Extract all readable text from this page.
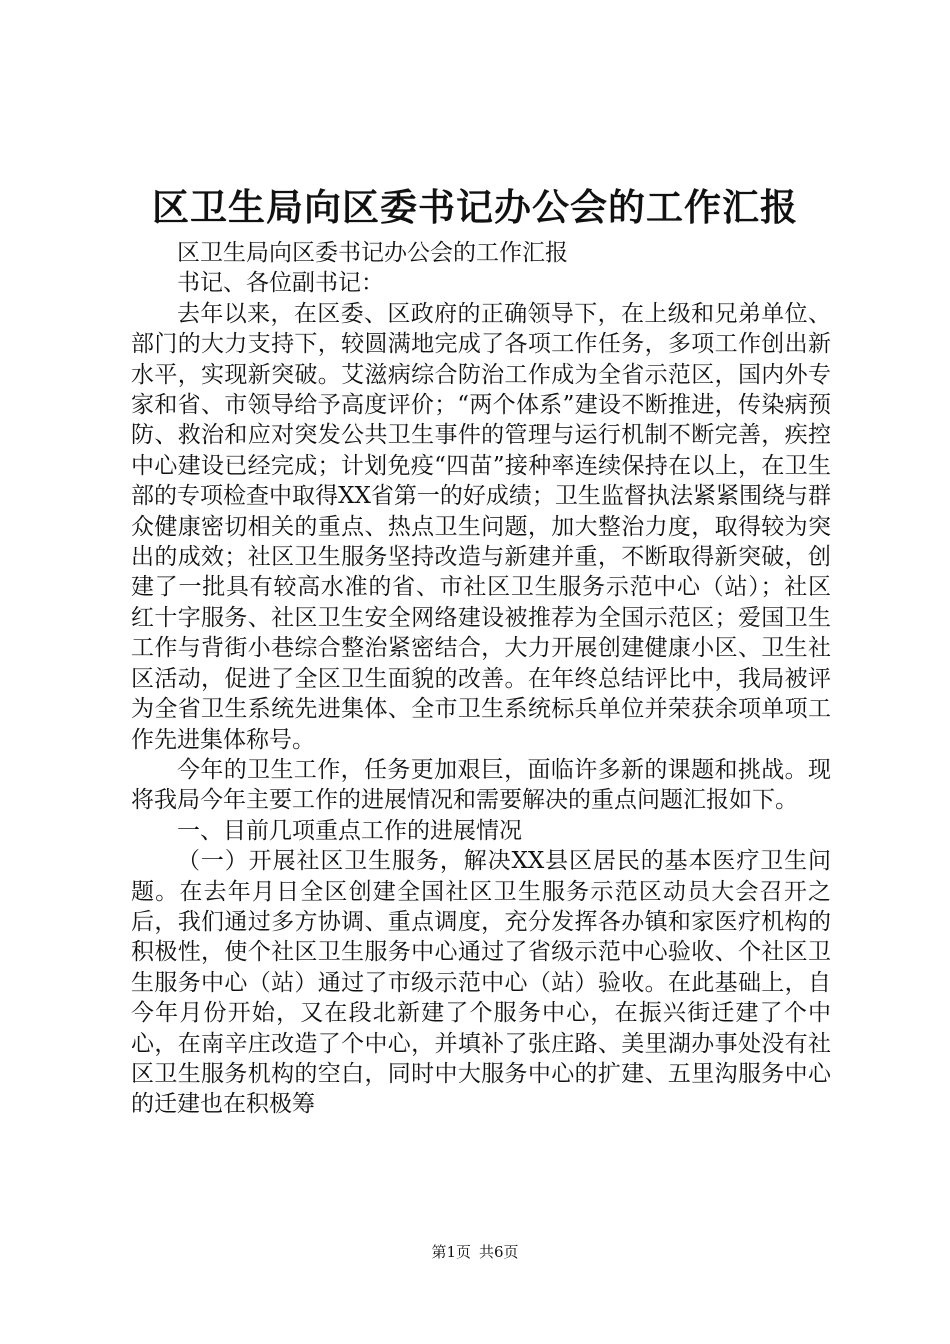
区卫生局向区委书记办公会的工作汇报

区卫生局向区委书记办公会的工作汇报

书记、各位副书记：

去年以来，在区委、区政府的正确领导下，在上级和兄弟单位、部门的大力支持下，较圆满地完成了各项工作任务，多项工作创出新水平，实现新突破。艾滋病综合防治工作成为全省示范区，国内外专家和省、市领导给予高度评价；“两个体系”建设不断推进，传染病预防、救治和应对突发公共卫生事件的管理与运行机制不断完善，疾控中心建设已经完成；计划免疫“四苗”接种率连续保持在以上，在卫生部的专项检查中取得XX省第一的好成绩；卫生监督执法紧紧围绕与群众健康密切相关的重点、热点卫生问题，加大整治力度，取得较为突出的成效；社区卫生服务坚持改造与新建并重，不断取得新突破，创建了一批具有较高水准的省、市社区卫生服务示范中心（站）；社区红十字服务、社区卫生安全网络建设被推荐为全国示范区；爱国卫生工作与背街小巷综合整治紧密结合，大力开展创建健康小区、卫生社区活动，促进了全区卫生面貌的改善。在年终总结评比中，我局被评为全省卫生系统先进集体、全市卫生系统标兵单位并荣获余项单项工作先进集体称号。

今年的卫生工作，任务更加艰巨，面临许多新的课题和挑战。现将我局今年主要工作的进展情况和需要解决的重点问题汇报如下。

一、目前几项重点工作的进展情况

（一）开展社区卫生服务，解决XX县区居民的基本医疗卫生问题。在去年月日全区创建全国社区卫生服务示范区动员大会召开之后，我们通过多方协调、重点调度，充分发挥各办镇和家医疗机构的积极性，使个社区卫生服务中心通过了省级示范中心验收、个社区卫生服务中心（站）通过了市级示范中心（站）验收。在此基础上，自今年月份开始，又在段北新建了个服务中心，在振兴街迁建了个中心，在南辛庄改造了个中心，并填补了张庄路、美里湖办事处没有社区卫生服务机构的空白，同时中大服务中心的扩建、五里沟服务中心的迁建也在积极筹

第1页 共6页
